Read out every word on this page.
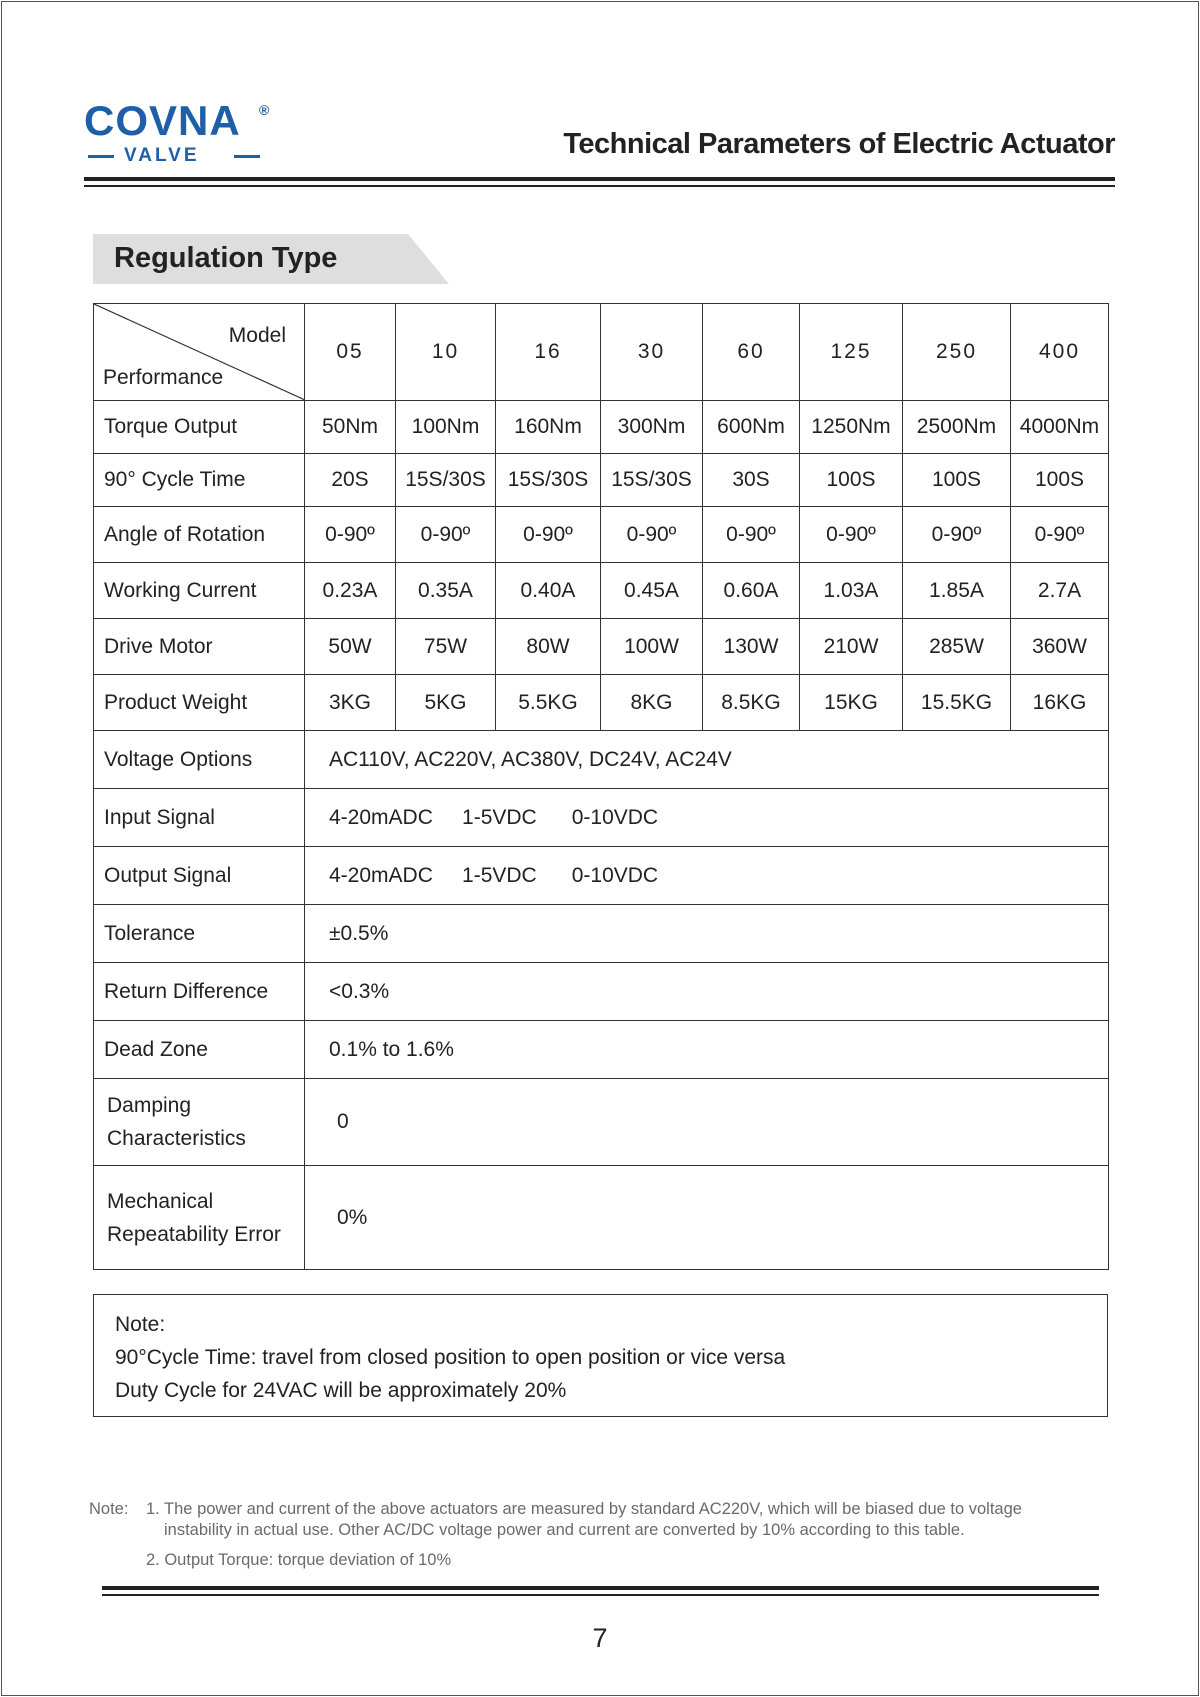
COVNA ®
VALVE	Technical Parameters of Electric Actuator
Regulation Type
Model
Performance	05	10	16	30	60	125	250	400
Torque Output	50Nm	100Nm	160Nm	300Nm	600Nm	1250Nm	2500Nm	4000Nm
90° Cycle Time	20S	15S/30S	15S/30S	15S/30S	30S	100S	100S	100S
Angle of Rotation	0-90º	0-90º	0-90º	0-90º	0-90º	0-90º	0-90º	0-90º
Working Current	0.23A	0.35A	0.40A	0.45A	0.60A	1.03A	1.85A	2.7A
Drive Motor	50W	75W	80W	100W	130W	210W	285W	360W
Product Weight	3KG	5KG	5.5KG	8KG	8.5KG	15KG	15.5KG	16KG
Voltage Options	AC110V, AC220V, AC380V, DC24V, AC24V							
Input Signal	4-20mADC     1-5VDC      0-10VDC							
Output Signal	4-20mADC     1-5VDC      0-10VDC							
Tolerance	±0.5%							
Return Difference	<0.3%							
Dead Zone	0.1% to 1.6%							

Damping
Characteristics	0							

Mechanical
Repeatability Error	0%							
Note:
90°Cycle Time: travel from closed position to open position or vice versa
Duty Cycle for 24VAC will be approximately 20%
Note: 1. The power and current of the above actuators are measured by standard AC220V, which will be biased due to voltage
instability in actual use. Other AC/DC voltage power and current are converted by 10% according to this table.
2. Output Torque: torque deviation of 10%
7
